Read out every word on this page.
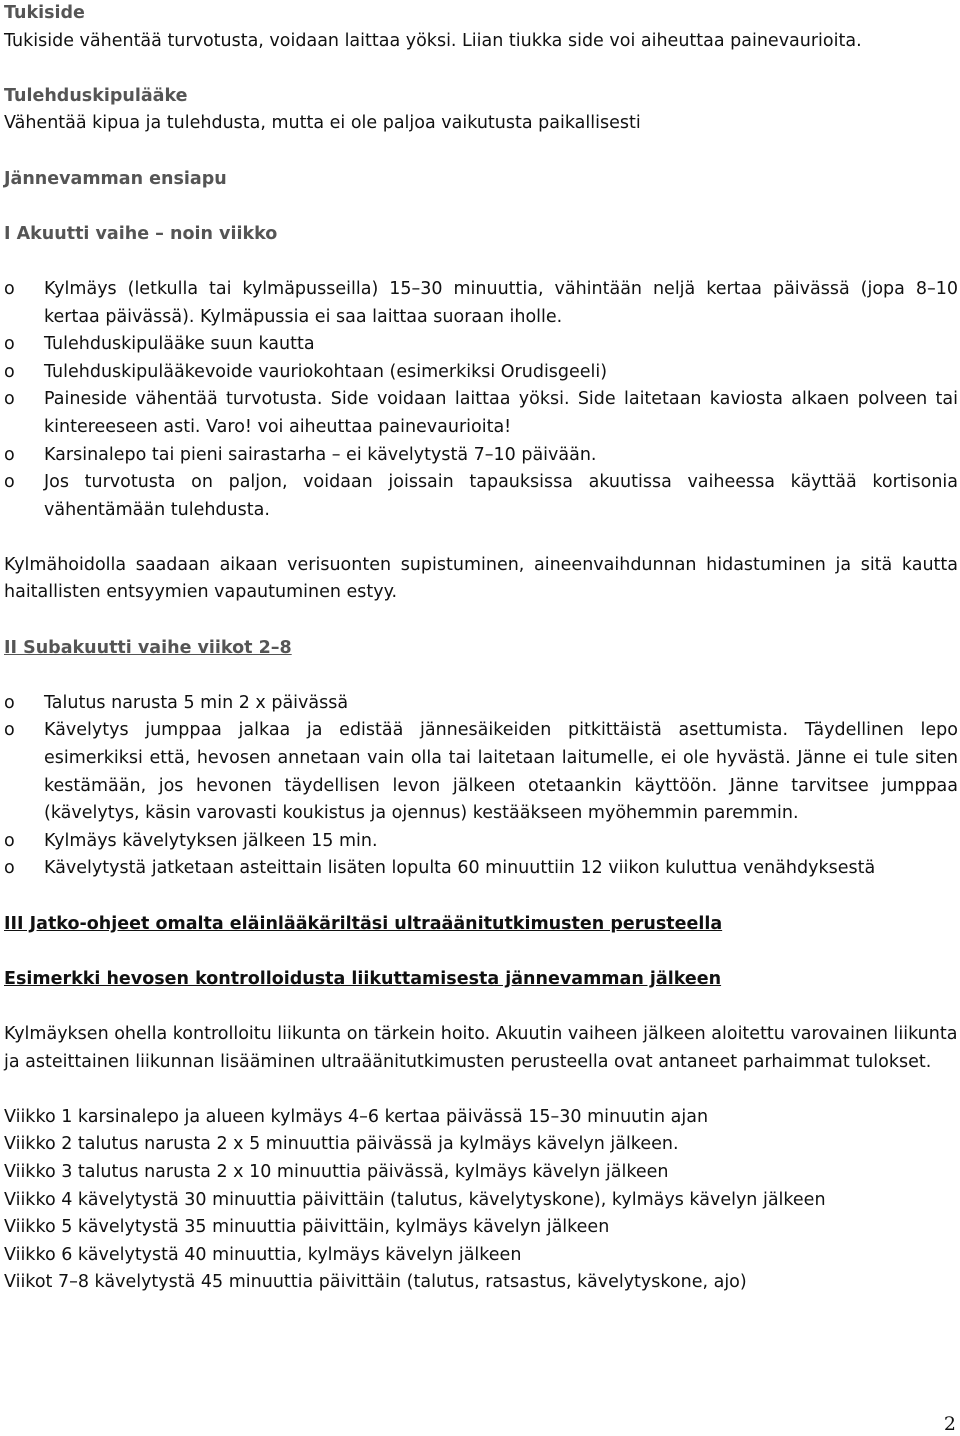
Tukiside

Tukiside vähentää turvotusta, voidaan laittaa yöksi. Liian tiukka side voi aiheuttaa painevaurioita.

Tulehduskipulääke

Vähentää kipua ja tulehdusta, mutta ei ole paljoa vaikutusta paikallisesti

Jännevamman ensiapu

I Akuutti vaihe – noin viikko

o	Kylmäys (letkulla tai kylmäpusseilla) 15–30 minuuttia, vähintään neljä kertaa päivässä (jopa 8–10 kertaa päivässä). Kylmäpussia ei saa laittaa suoraan iholle.
o	Tulehduskipulääke suun kautta
o	Tulehduskipulääkevoide vauriokohtaan (esimerkiksi Orudisgeeli)
o	Paineside vähentää turvotusta. Side voidaan laittaa yöksi. Side laitetaan kaviosta alkaen polveen tai kintereeseen asti. Varo! voi aiheuttaa painevaurioita!
o	Karsinalepo tai pieni sairastarha – ei kävelytystä 7–10 päivään.
o	Jos turvotusta on paljon, voidaan joissain tapauksissa akuutissa vaiheessa käyttää kortisonia vähentämään tulehdusta.

Kylmähoidolla saadaan aikaan verisuonten supistuminen, aineenvaihdunnan hidastuminen ja sitä kautta haitallisten entsyymien vapautuminen estyy.

II Subakuutti vaihe viikot 2–8

o	Talutus narusta 5 min 2 x päivässä
o	Kävelytys jumppaa jalkaa ja edistää jännesäikeiden pitkittäistä asettumista. Täydellinen lepo esimerkiksi että, hevosen annetaan vain olla tai laitetaan laitumelle, ei ole hyvästä. Jänne ei tule siten kestämään, jos hevonen täydellisen levon jälkeen otetaankin käyttöön. Jänne tarvitsee jumppaa (kävelytys, käsin varovasti koukistus ja ojennus) kestääkseen myöhemmin paremmin.
o	Kylmäys kävelytyksen jälkeen 15 min.
o	Kävelytystä jatketaan asteittain lisäten lopulta 60 minuuttiin 12 viikon kuluttua venähdyksestä

III Jatko-ohjeet omalta eläinlääkäriltäsi ultraäänitutkimusten perusteella

Esimerkki hevosen kontrolloidusta liikuttamisesta jännevamman jälkeen

Kylmäyksen ohella kontrolloitu liikunta on tärkein hoito. Akuutin vaiheen jälkeen aloitettu varovainen liikunta ja asteittainen liikunnan lisääminen ultraäänitutkimusten perusteella ovat antaneet parhaimmat tulokset.

Viikko 1 karsinalepo ja alueen kylmäys 4–6 kertaa päivässä 15–30 minuutin ajan

Viikko 2 talutus narusta 2 x 5 minuuttia päivässä ja kylmäys kävelyn jälkeen.

Viikko 3 talutus narusta 2 x 10 minuuttia päivässä, kylmäys kävelyn jälkeen

Viikko 4 kävelytystä 30 minuuttia päivittäin (talutus, kävelytyskone), kylmäys kävelyn jälkeen

Viikko 5 kävelytystä 35 minuuttia päivittäin, kylmäys kävelyn jälkeen

Viikko 6 kävelytystä 40 minuuttia, kylmäys kävelyn jälkeen

Viikot 7–8 kävelytystä 45 minuuttia päivittäin (talutus, ratsastus, kävelytyskone, ajo)

2
